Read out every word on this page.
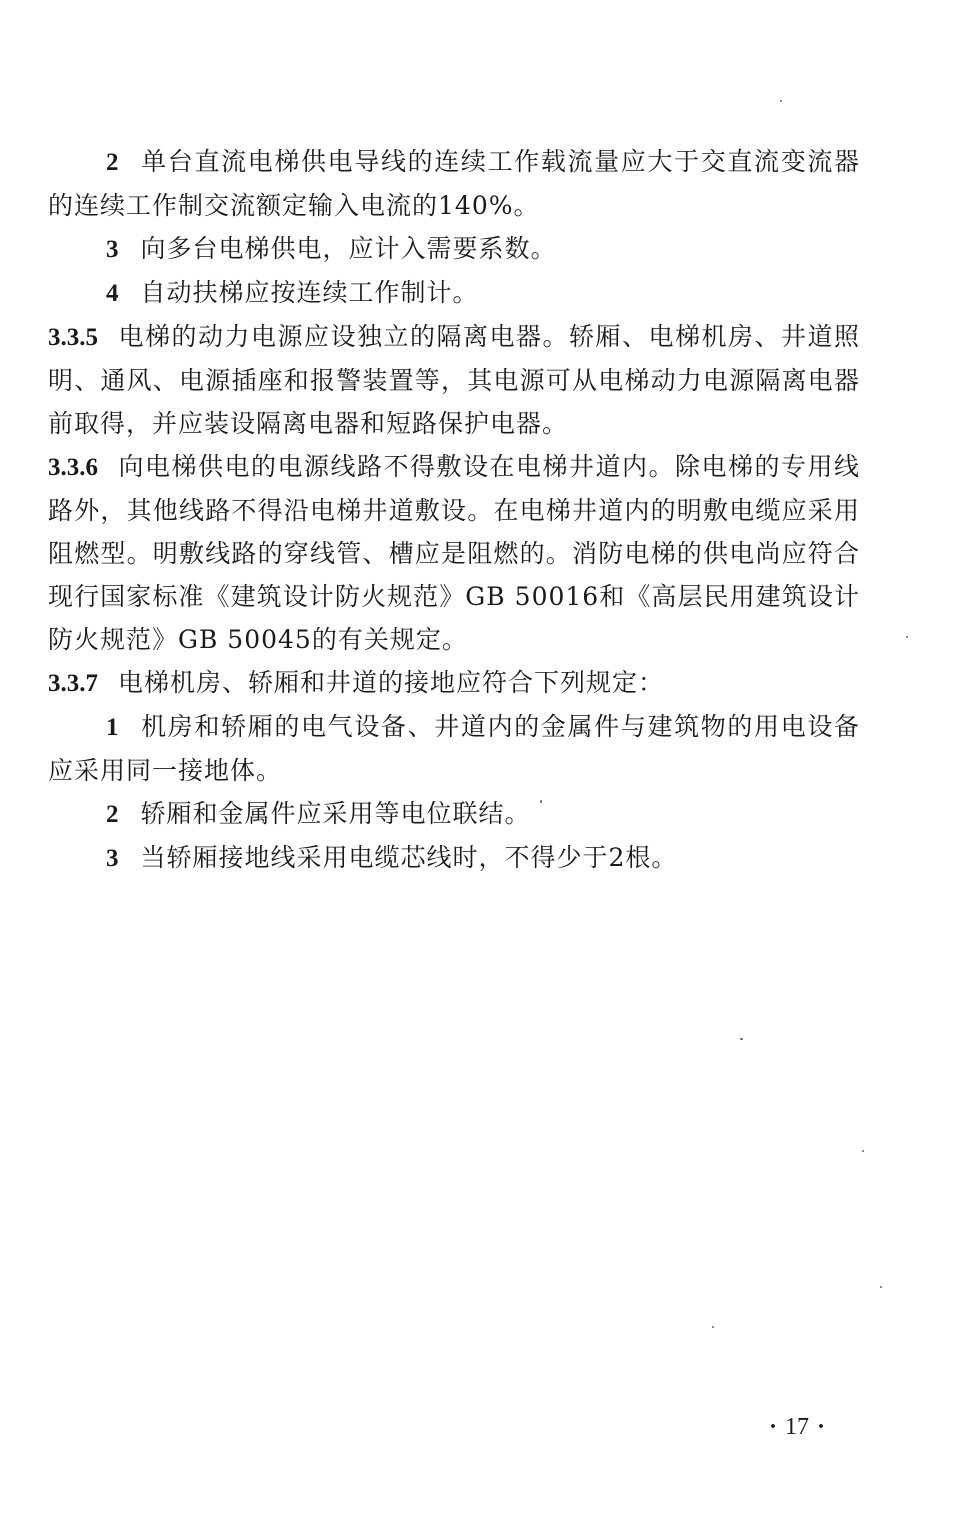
2 单台直流电梯供电导线的连续工作载流量应大于交直流变流器的连续工作制交流额定输入电流的140%。

3 向多台电梯供电，应计入需要系数。

4 自动扶梯应按连续工作制计。

3.3.5 电梯的动力电源应设独立的隔离电器。轿厢、电梯机房、井道照明、通风、电源插座和报警装置等，其电源可从电梯动力电源隔离电器前取得，并应装设隔离电器和短路保护电器。

3.3.6 向电梯供电的电源线路不得敷设在电梯井道内。除电梯的专用线路外，其他线路不得沿电梯井道敷设。在电梯井道内的明敷电缆应采用阻燃型。明敷线路的穿线管、槽应是阻燃的。消防电梯的供电尚应符合现行国家标准《建筑设计防火规范》GB 50016和《高层民用建筑设计防火规范》GB 50045的有关规定。

3.3.7 电梯机房、轿厢和井道的接地应符合下列规定：

1 机房和轿厢的电气设备、井道内的金属件与建筑物的用电设备应采用同一接地体。

2 轿厢和金属件应采用等电位联结。

3 当轿厢接地线采用电缆芯线时，不得少于2根。

· 17 ·
